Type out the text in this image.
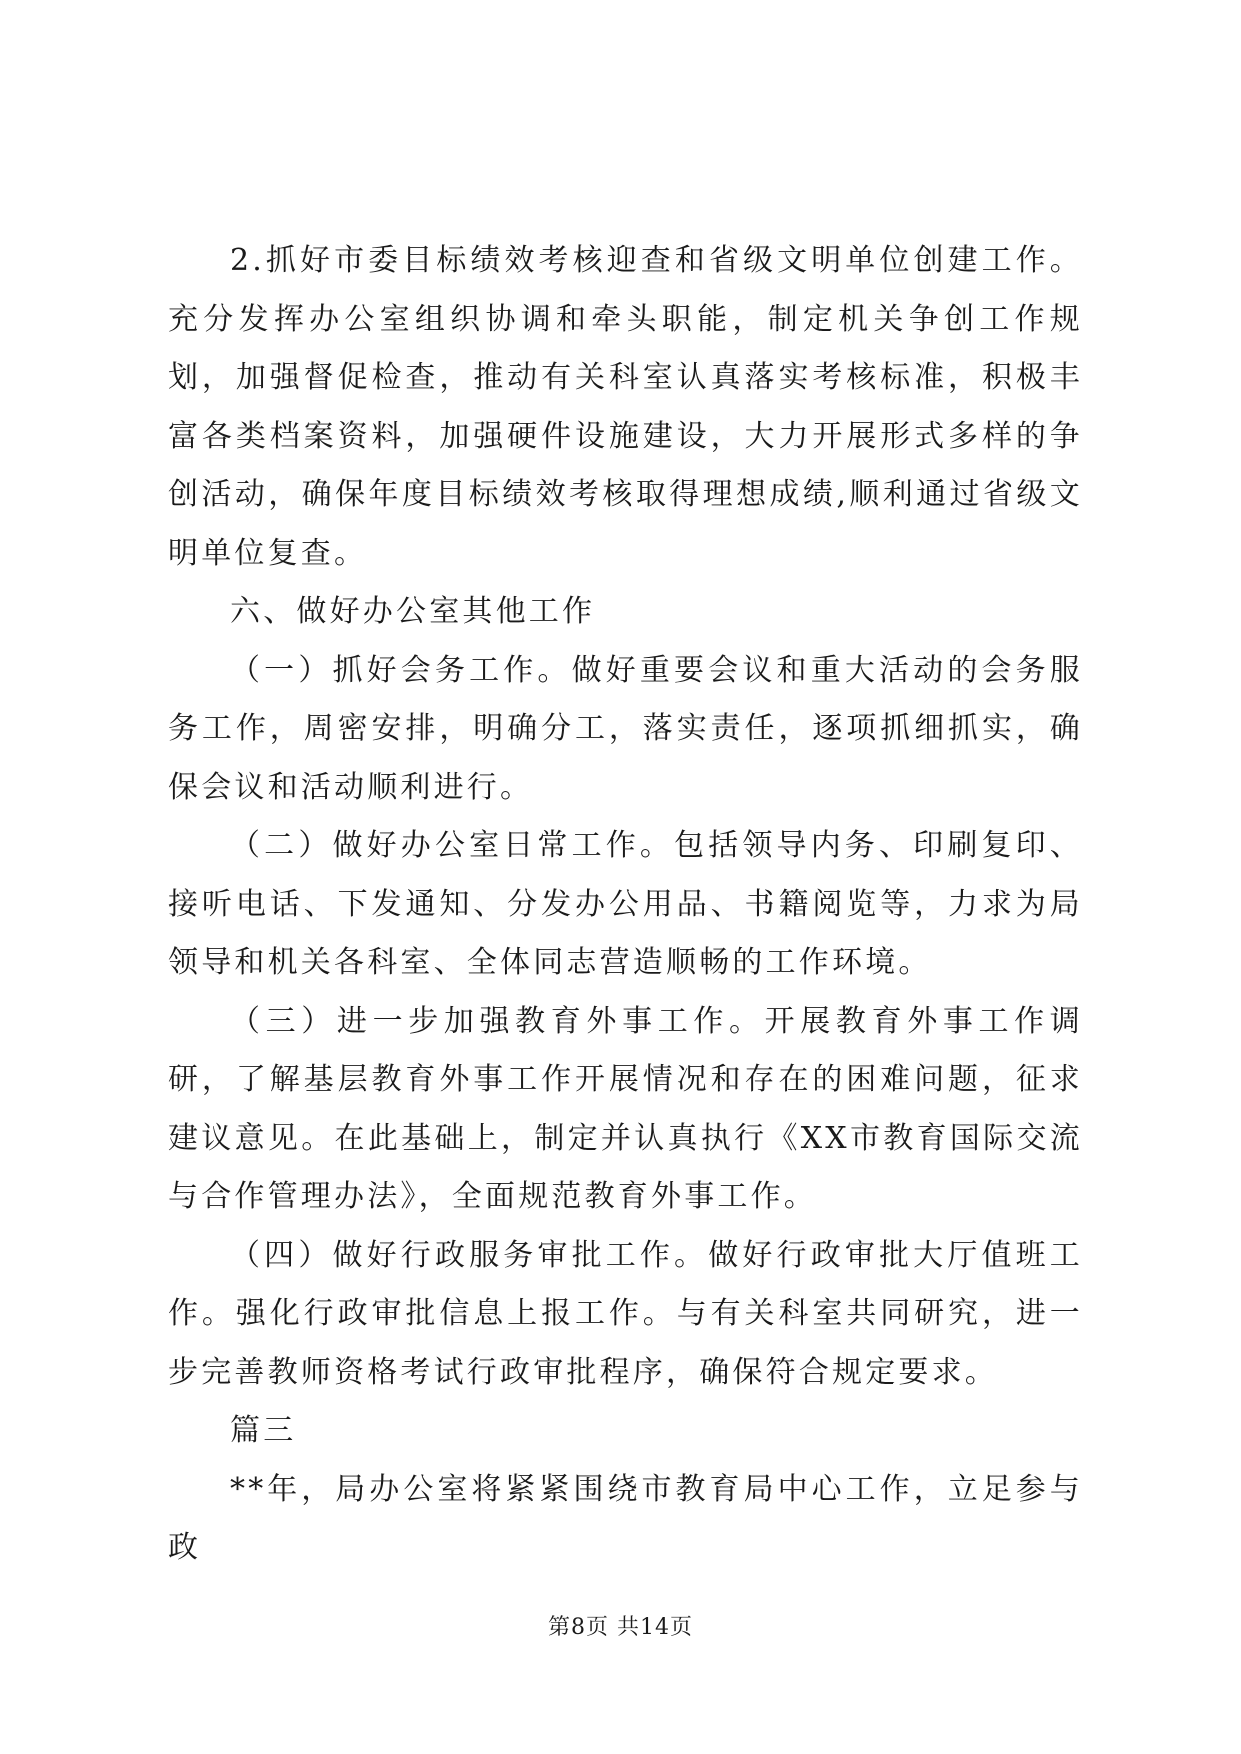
2.抓好市委目标绩效考核迎查和省级文明单位创建工作。充分发挥办公室组织协调和牵头职能，制定机关争创工作规划，加强督促检查，推动有关科室认真落实考核标准，积极丰富各类档案资料，加强硬件设施建设，大力开展形式多样的争创活动，确保年度目标绩效考核取得理想成绩,顺利通过省级文明单位复查。

六、做好办公室其他工作

（一）抓好会务工作。做好重要会议和重大活动的会务服务工作，周密安排，明确分工，落实责任，逐项抓细抓实，确保会议和活动顺利进行。

（二）做好办公室日常工作。包括领导内务、印刷复印、接听电话、下发通知、分发办公用品、书籍阅览等，力求为局领导和机关各科室、全体同志营造顺畅的工作环境。

（三）进一步加强教育外事工作。开展教育外事工作调研，了解基层教育外事工作开展情况和存在的困难问题，征求建议意见。在此基础上，制定并认真执行《XX市教育国际交流与合作管理办法》，全面规范教育外事工作。

（四）做好行政服务审批工作。做好行政审批大厅值班工作。强化行政审批信息上报工作。与有关科室共同研究，进一步完善教师资格考试行政审批程序，确保符合规定要求。

篇三

**年，局办公室将紧紧围绕市教育局中心工作，立足参与政

第8页 共14页
